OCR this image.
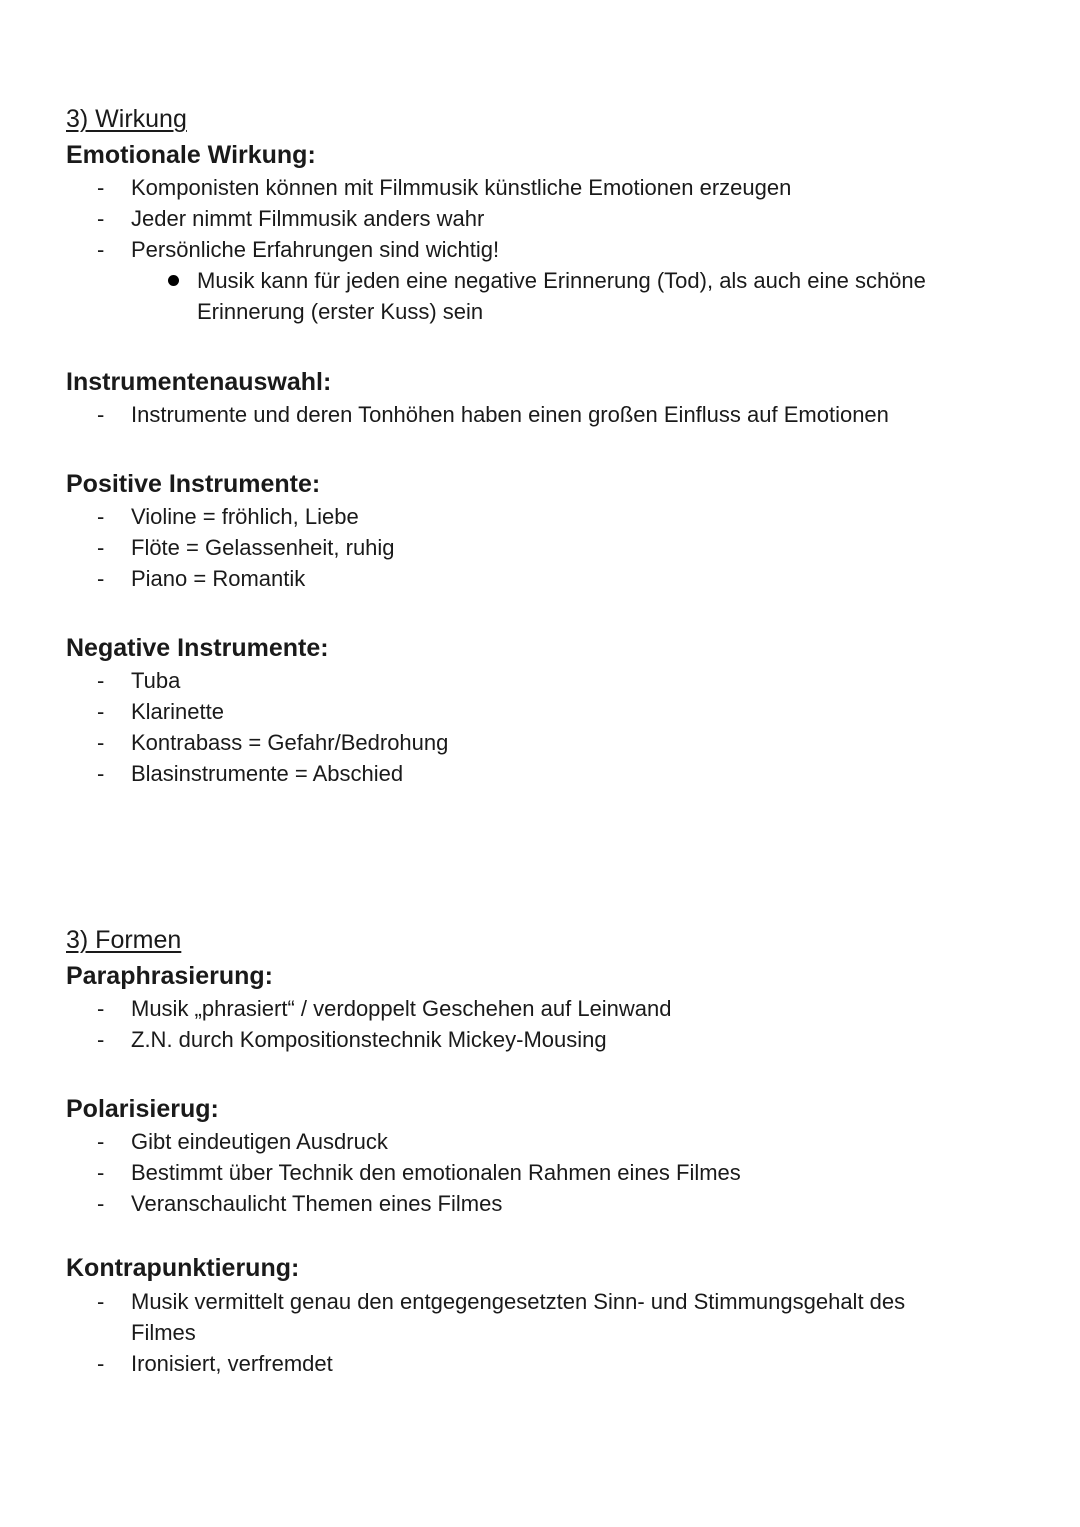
3) Wirkung
Emotionale Wirkung:
- Komponisten können mit Filmmusik künstliche Emotionen erzeugen
- Jeder nimmt Filmmusik anders wahr
- Persönliche Erfahrungen sind wichtig!
Musik kann für jeden eine negative Erinnerung (Tod), als auch eine schöne Erinnerung (erster Kuss) sein
Instrumentenauswahl:
- Instrumente und deren Tonhöhen haben einen großen Einfluss auf Emotionen
Positive Instrumente:
- Violine = fröhlich, Liebe
- Flöte = Gelassenheit, ruhig
- Piano = Romantik
Negative Instrumente:
- Tuba
- Klarinette
- Kontrabass = Gefahr/Bedrohung
- Blasinstrumente = Abschied
3) Formen
Paraphrasierung:
- Musik „phrasiert“ / verdoppelt Geschehen auf Leinwand
- Z.N. durch Kompositionstechnik Mickey-Mousing
Polarisierug:
- Gibt eindeutigen Ausdruck
- Bestimmt über Technik den emotionalen Rahmen eines Filmes
- Veranschaulicht Themen eines Filmes
Kontrapunktierung:
- Musik vermittelt genau den entgegengesetzten Sinn- und Stimmungsgehalt des Filmes
- Ironisiert, verfremdet
